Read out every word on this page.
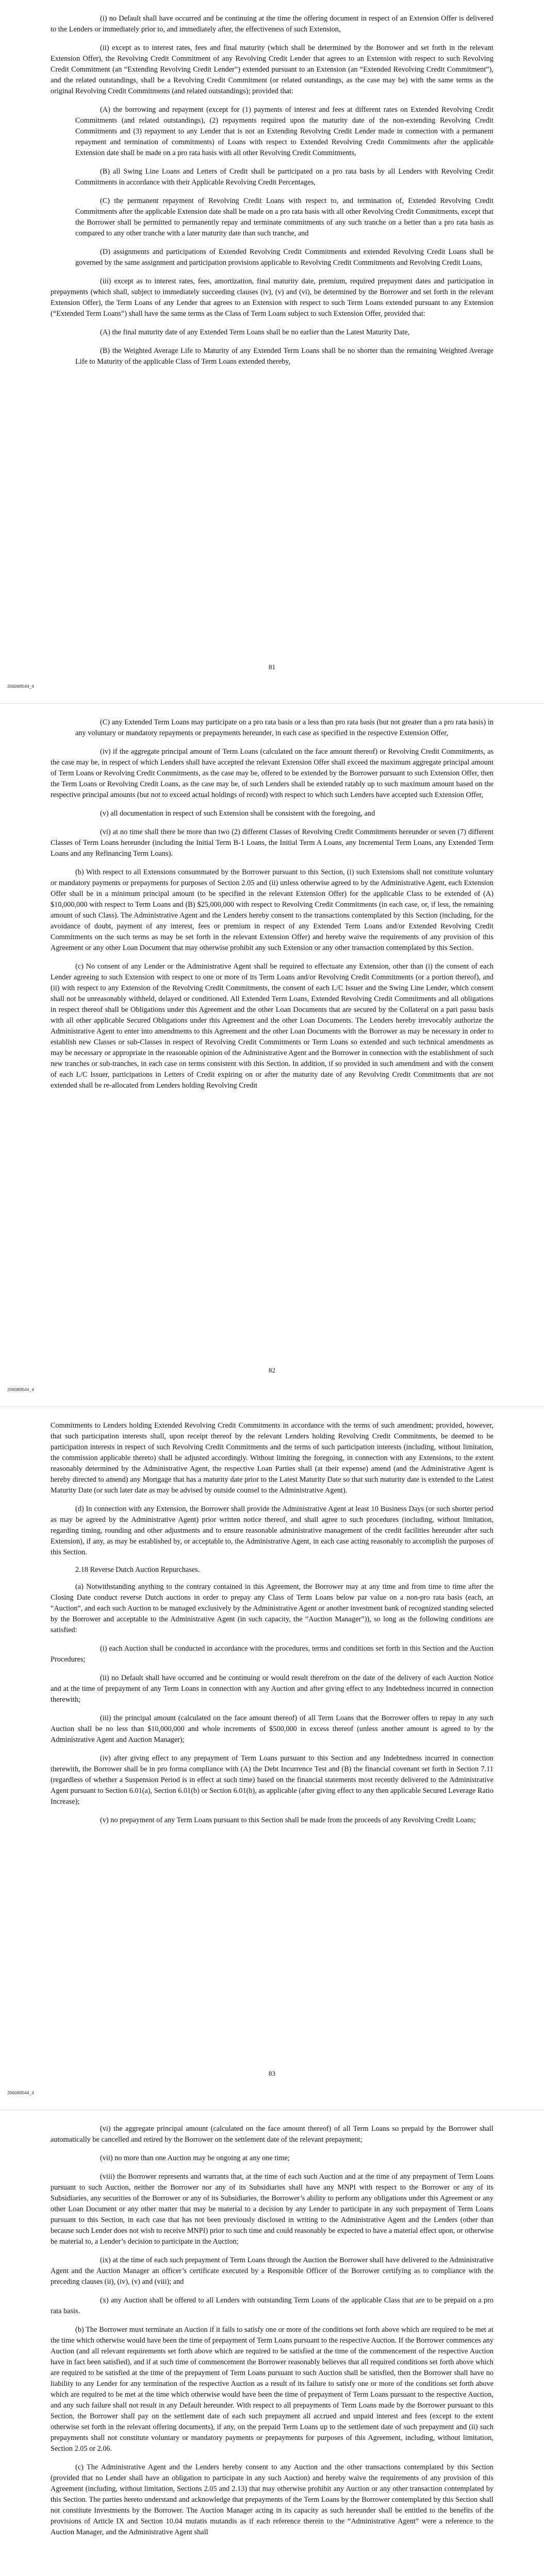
(i) no Default shall have occurred and be continuing at the time the offering document in respect of an Extension Offer is delivered to the Lenders or immediately prior to, and immediately after, the effectiveness of such Extension,

(ii) except as to interest rates, fees and final maturity (which shall be determined by the Borrower and set forth in the relevant Extension Offer), the Revolving Credit Commitment of any Revolving Credit Lender that agrees to an Extension with respect to such Revolving Credit Commitment (an “Extending Revolving Credit Lender”) extended pursuant to an Extension (an “Extended Revolving Credit Commitment”), and the related outstandings, shall be a Revolving Credit Commitment (or related outstandings, as the case may be) with the same terms as the original Revolving Credit Commitments (and related outstandings); provided that:

(A) the borrowing and repayment (except for (1) payments of interest and fees at different rates on Extended Revolving Credit Commitments (and related outstandings), (2) repayments required upon the maturity date of the non-extending Revolving Credit Commitments and (3) repayment to any Lender that is not an Extending Revolving Credit Lender made in connection with a permanent repayment and termination of commitments) of Loans with respect to Extended Revolving Credit Commitments after the applicable Extension date shall be made on a pro rata basis with all other Revolving Credit Commitments,

(B) all Swing Line Loans and Letters of Credit shall be participated on a pro rata basis by all Lenders with Revolving Credit Commitments in accordance with their Applicable Revolving Credit Percentages,

(C) the permanent repayment of Revolving Credit Loans with respect to, and termination of, Extended Revolving Credit Commitments after the applicable Extension date shall be made on a pro rata basis with all other Revolving Credit Commitments, except that the Borrower shall be permitted to permanently repay and terminate commitments of any such tranche on a better than a pro rata basis as compared to any other tranche with a later maturity date than such tranche, and

(D) assignments and participations of Extended Revolving Credit Commitments and extended Revolving Credit Loans shall be governed by the same assignment and participation provisions applicable to Revolving Credit Commitments and Revolving Credit Loans,

(iii) except as to interest rates, fees, amortization, final maturity date, premium, required prepayment dates and participation in prepayments (which shall, subject to immediately succeeding clauses (iv), (v) and (vi), be determined by the Borrower and set forth in the relevant Extension Offer), the Term Loans of any Lender that agrees to an Extension with respect to such Term Loans extended pursuant to any Extension (“Extended Term Loans”) shall have the same terms as the Class of Term Loans subject to such Extension Offer, provided that:

(A) the final maturity date of any Extended Term Loans shall be no earlier than the Latest Maturity Date,

(B) the Weighted Average Life to Maturity of any Extended Term Loans shall be no shorter than the remaining Weighted Average Life to Maturity of the applicable Class of Term Loans extended thereby,

81
206089544_4

(C) any Extended Term Loans may participate on a pro rata basis or a less than pro rata basis (but not greater than a pro rata basis) in any voluntary or mandatory repayments or prepayments hereunder, in each case as specified in the respective Extension Offer,

(iv) if the aggregate principal amount of Term Loans (calculated on the face amount thereof) or Revolving Credit Commitments, as the case may be, in respect of which Lenders shall have accepted the relevant Extension Offer shall exceed the maximum aggregate principal amount of Term Loans or Revolving Credit Commitments, as the case may be, offered to be extended by the Borrower pursuant to such Extension Offer, then the Term Loans or Revolving Credit Loans, as the case may be, of such Lenders shall be extended ratably up to such maximum amount based on the respective principal amounts (but not to exceed actual holdings of record) with respect to which such Lenders have accepted such Extension Offer,

(v) all documentation in respect of such Extension shall be consistent with the foregoing, and

(vi) at no time shall there be more than two (2) different Classes of Revolving Credit Commitments hereunder or seven (7) different Classes of Term Loans hereunder (including the Initial Term B-1 Loans, the Initial Term A Loans, any Incremental Term Loans, any Extended Term Loans and any Refinancing Term Loans).

(b) With respect to all Extensions consummated by the Borrower pursuant to this Section, (i) such Extensions shall not constitute voluntary or mandatory payments or prepayments for purposes of Section 2.05 and (ii) unless otherwise agreed to by the Administrative Agent, each Extension Offer shall be in a minimum principal amount (to be specified in the relevant Extension Offer) for the applicable Class to be extended of (A) $10,000,000 with respect to Term Loans and (B) $25,000,000 with respect to Revolving Credit Commitments (in each case, or, if less, the remaining amount of such Class). The Administrative Agent and the Lenders hereby consent to the transactions contemplated by this Section (including, for the avoidance of doubt, payment of any interest, fees or premium in respect of any Extended Term Loans and/or Extended Revolving Credit Commitments on the such terms as may be set forth in the relevant Extension Offer) and hereby waive the requirements of any provision of this Agreement or any other Loan Document that may otherwise prohibit any such Extension or any other transaction contemplated by this Section.

(c) No consent of any Lender or the Administrative Agent shall be required to effectuate any Extension, other than (i) the consent of each Lender agreeing to such Extension with respect to one or more of its Term Loans and/or Revolving Credit Commitments (or a portion thereof), and (ii) with respect to any Extension of the Revolving Credit Commitments, the consent of each L/C Issuer and the Swing Line Lender, which consent shall not be unreasonably withheld, delayed or conditioned. All Extended Term Loans, Extended Revolving Credit Commitments and all obligations in respect thereof shall be Obligations under this Agreement and the other Loan Documents that are secured by the Collateral on a pari passu basis with all other applicable Secured Obligations under this Agreement and the other Loan Documents. The Lenders hereby irrevocably authorize the Administrative Agent to enter into amendments to this Agreement and the other Loan Documents with the Borrower as may be necessary in order to establish new Classes or sub-Classes in respect of Revolving Credit Commitments or Term Loans so extended and such technical amendments as may be necessary or appropriate in the reasonable opinion of the Administrative Agent and the Borrower in connection with the establishment of such new tranches or sub-tranches, in each case on terms consistent with this Section. In addition, if so provided in such amendment and with the consent of each L/C Issuer, participations in Letters of Credit expiring on or after the maturity date of any Revolving Credit Commitments that are not extended shall be re-allocated from Lenders holding Revolving Credit

82
206089544_4

Commitments to Lenders holding Extended Revolving Credit Commitments in accordance with the terms of such amendment; provided, however, that such participation interests shall, upon receipt thereof by the relevant Lenders holding Revolving Credit Commitments, be deemed to be participation interests in respect of such Revolving Credit Commitments and the terms of such participation interests (including, without limitation, the commission applicable thereto) shall be adjusted accordingly. Without limiting the foregoing, in connection with any Extensions, to the extent reasonably determined by the Administrative Agent, the respective Loan Parties shall (at their expense) amend (and the Administrative Agent is hereby directed to amend) any Mortgage that has a maturity date prior to the Latest Maturity Date so that such maturity date is extended to the Latest Maturity Date (or such later date as may be advised by outside counsel to the Administrative Agent).

(d) In connection with any Extension, the Borrower shall provide the Administrative Agent at least 10 Business Days (or such shorter period as may be agreed by the Administrative Agent) prior written notice thereof, and shall agree to such procedures (including, without limitation, regarding timing, rounding and other adjustments and to ensure reasonable administrative management of the credit facilities hereunder after such Extension), if any, as may be established by, or acceptable to, the Administrative Agent, in each case acting reasonably to accomplish the purposes of this Section.

2.18 Reverse Dutch Auction Repurchases.

(a) Notwithstanding anything to the contrary contained in this Agreement, the Borrower may at any time and from time to time after the Closing Date conduct reverse Dutch auctions in order to prepay any Class of Term Loans below par value on a non-pro rata basis (each, an “Auction”, and each such Auction to be managed exclusively by the Administrative Agent or another investment bank of recognized standing selected by the Borrower and acceptable to the Administrative Agent (in such capacity, the “Auction Manager”)), so long as the following conditions are satisfied:

(i) each Auction shall be conducted in accordance with the procedures, terms and conditions set forth in this Section and the Auction Procedures;

(ii) no Default shall have occurred and be continuing or would result therefrom on the date of the delivery of each Auction Notice and at the time of prepayment of any Term Loans in connection with any Auction and after giving effect to any Indebtedness incurred in connection therewith;

(iii) the principal amount (calculated on the face amount thereof) of all Term Loans that the Borrower offers to repay in any such Auction shall be no less than $10,000,000 and whole increments of $500,000 in excess thereof (unless another amount is agreed to by the Administrative Agent and Auction Manager);

(iv) after giving effect to any prepayment of Term Loans pursuant to this Section and any Indebtedness incurred in connection therewith, the Borrower shall be in pro forma compliance with (A) the Debt Incurrence Test and (B) the financial covenant set forth in Section 7.11 (regardless of whether a Suspension Period is in effect at such time) based on the financial statements most recently delivered to the Administrative Agent pursuant to Section 6.01(a), Section 6.01(b) or Section 6.01(b), as applicable (after giving effect to any then applicable Secured Leverage Ratio Increase);

(v) no prepayment of any Term Loans pursuant to this Section shall be made from the proceeds of any Revolving Credit Loans;

83
206089544_4

(vi) the aggregate principal amount (calculated on the face amount thereof) of all Term Loans so prepaid by the Borrower shall automatically be cancelled and retired by the Borrower on the settlement date of the relevant prepayment;

(vii) no more than one Auction may be ongoing at any one time;

(viii) the Borrower represents and warrants that, at the time of each such Auction and at the time of any prepayment of Term Loans pursuant to such Auction, neither the Borrower nor any of its Subsidiaries shall have any MNPI with respect to the Borrower or any of its Subsidiaries, any securities of the Borrower or any of its Subsidiaries, the Borrower’s ability to perform any obligations under this Agreement or any other Loan Document or any other matter that may be material to a decision by any Lender to participate in any such prepayment of Term Loans pursuant to this Section, in each case that has not been previously disclosed in writing to the Administrative Agent and the Lenders (other than because such Lender does not wish to receive MNPI) prior to such time and could reasonably be expected to have a material effect upon, or otherwise be material to, a Lender’s decision to participate in the Auction;

(ix) at the time of each such prepayment of Term Loans through the Auction the Borrower shall have delivered to the Administrative Agent and the Auction Manager an officer’s certificate executed by a Responsible Officer of the Borrower certifying as to compliance with the preceding clauses (ii), (iv), (v) and (viii); and

(x) any Auction shall be offered to all Lenders with outstanding Term Loans of the applicable Class that are to be prepaid on a pro rata basis.

(b) The Borrower must terminate an Auction if it fails to satisfy one or more of the conditions set forth above which are required to be met at the time which otherwise would have been the time of prepayment of Term Loans pursuant to the respective Auction. If the Borrower commences any Auction (and all relevant requirements set forth above which are required to be satisfied at the time of the commencement of the respective Auction have in fact been satisfied), and if at such time of commencement the Borrower reasonably believes that all required conditions set forth above which are required to be satisfied at the time of the prepayment of Term Loans pursuant to such Auction shall be satisfied, then the Borrower shall have no liability to any Lender for any termination of the respective Auction as a result of its failure to satisfy one or more of the conditions set forth above which are required to be met at the time which otherwise would have been the time of prepayment of Term Loans pursuant to the respective Auction, and any such failure shall not result in any Default hereunder. With respect to all prepayments of Term Loans made by the Borrower pursuant to this Section, the Borrower shall pay on the settlement date of each such prepayment all accrued and unpaid interest and fees (except to the extent otherwise set forth in the relevant offering documents), if any, on the prepaid Term Loans up to the settlement date of such prepayment and (ii) such prepayments shall not constitute voluntary or mandatory payments or prepayments for purposes of this Agreement, including, without limitation, Section 2.05 or 2.06.

(c) The Administrative Agent and the Lenders hereby consent to any Auction and the other transactions contemplated by this Section (provided that no Lender shall have an obligation to participate in any such Auction) and hereby waive the requirements of any provision of this Agreement (including, without limitation, Sections 2.05 and 2.13) that may otherwise prohibit any Auction or any other transaction contemplated by this Section. The parties hereto understand and acknowledge that prepayments of the Term Loans by the Borrower contemplated by this Section shall not constitute Investments by the Borrower. The Auction Manager acting in its capacity as such hereunder shall be entitled to the benefits of the provisions of Article IX and Section 10.04 mutatis mutandis as if each reference therein to the “Administrative Agent” were a reference to the Auction Manager, and the Administrative Agent shall
